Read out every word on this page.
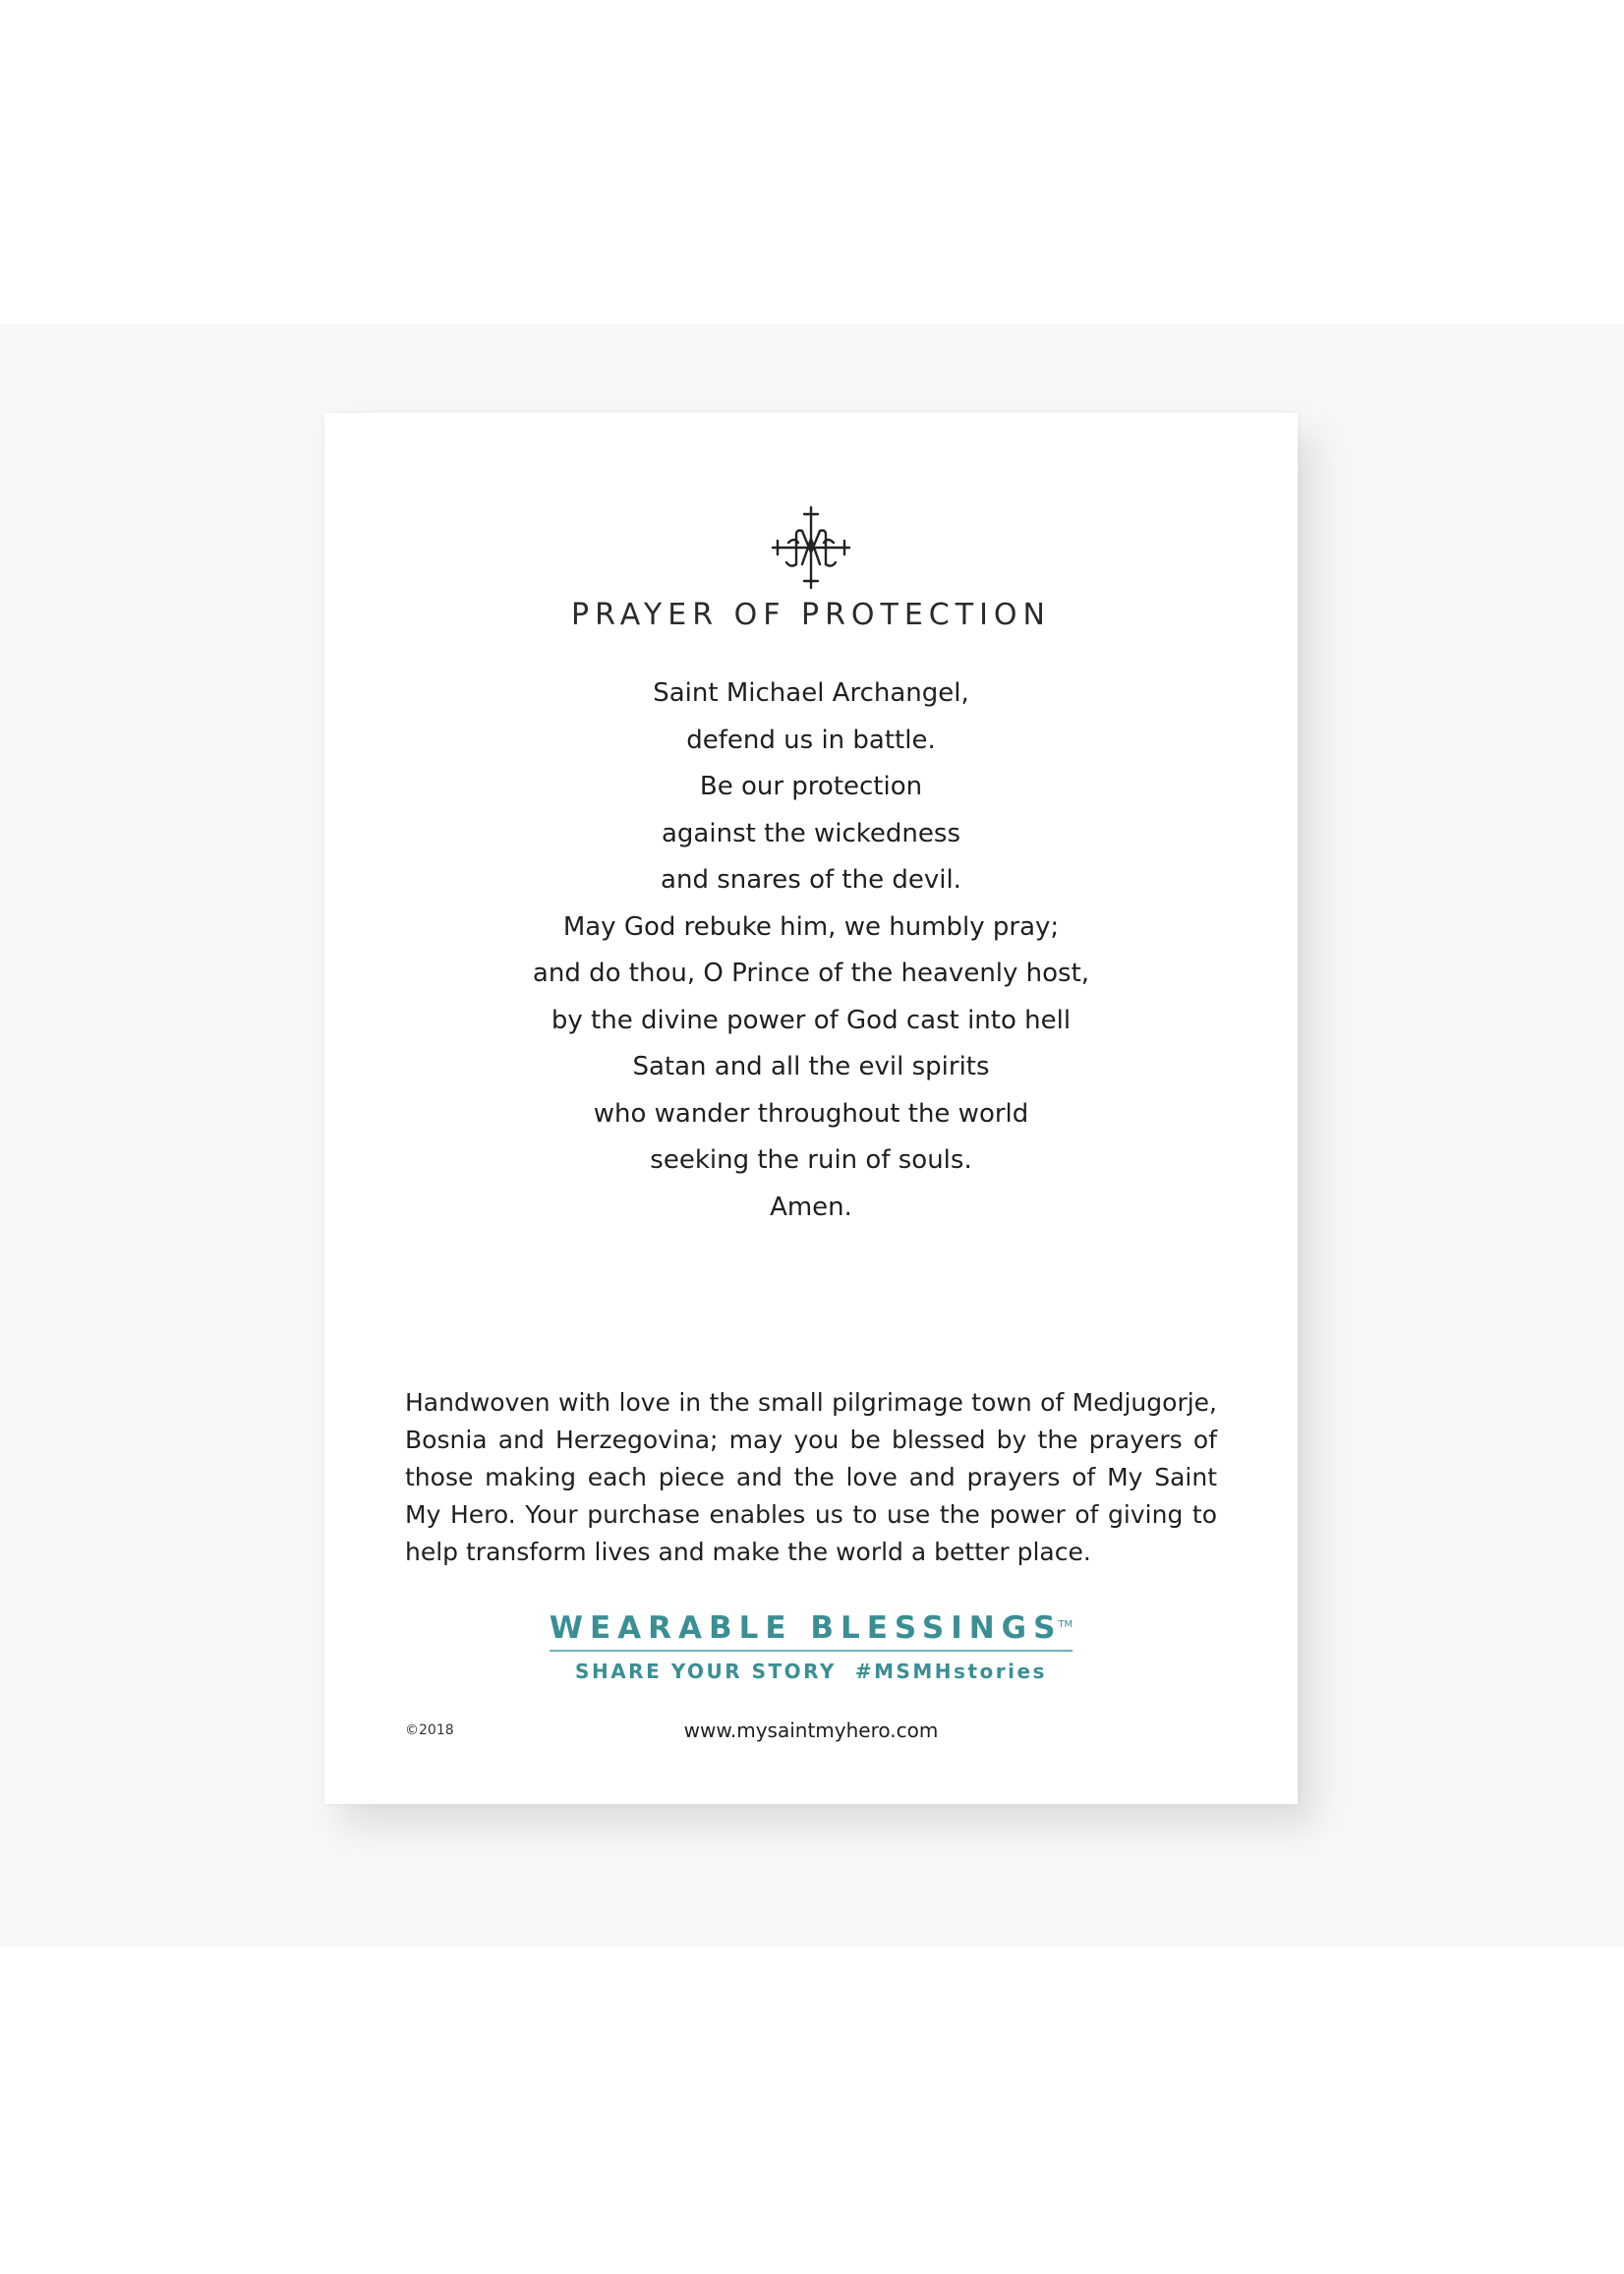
PRAYER OF PROTECTION
Saint Michael Archangel,
defend us in battle.
Be our protection
against the wickedness
and snares of the devil.
May God rebuke him, we humbly pray;
and do thou, O Prince of the heavenly host,
by the divine power of God cast into hell
Satan and all the evil spirits
who wander throughout the world
seeking the ruin of souls.
Amen.

Handwoven with love in the small pilgrimage town of Medjugorje, Bosnia and Herzegovina; may you be blessed by the prayers of those making each piece and the love and prayers of My Saint My Hero. Your purchase enables us to use the power of giving to help transform lives and make the world a better place.

WEARABLE BLESSINGS™
SHARE YOUR STORY  #MSMHstories
©2018	www.mysaintmyhero.com
